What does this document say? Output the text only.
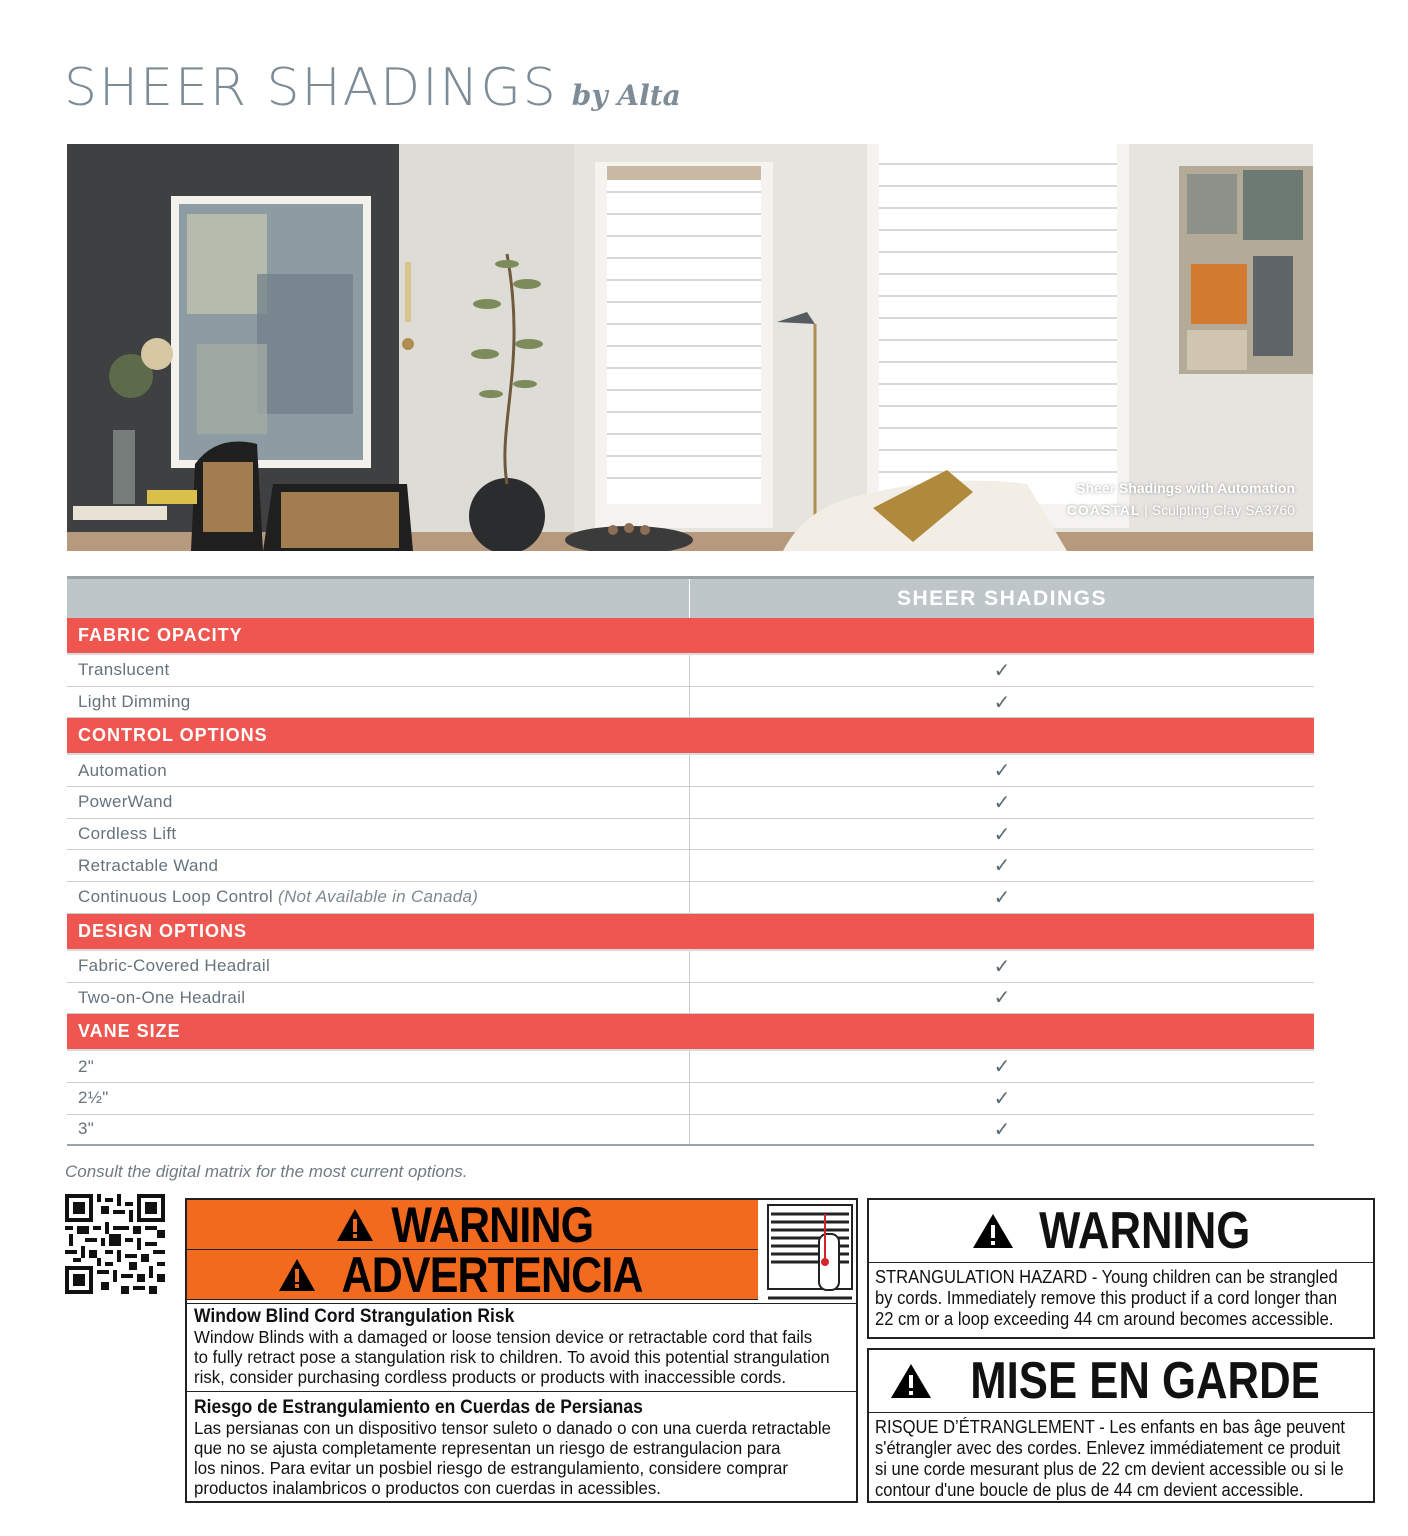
SHEER SHADINGS by Alta
Sheer Shadings with Automation
COASTAL | Sculpting Clay SA3760
SHEER SHADINGS
FABRIC OPACITY
Translucent	✓
Light Dimming	✓
CONTROL OPTIONS
Automation	✓
PowerWand	✓
Cordless Lift	✓
Retractable Wand	✓
Continuous Loop Control (Not Available in Canada)	✓
DESIGN OPTIONS
Fabric-Covered Headrail	✓
Two-on-One Headrail	✓
VANE SIZE
2"	✓
2½"	✓
3"	✓
Consult the digital matrix for the most current options.
WARNING
ADVERTENCIA
Window Blind Cord Strangulation Risk
Window Blinds with a damaged or loose tension device or retractable cord that fails
to fully retract pose a stangulation risk to children. To avoid this potential strangulation
risk, consider purchasing cordless products or products with inaccessible cords.
Riesgo de Estrangulamiento en Cuerdas de Persianas
Las persianas con un dispositivo tensor suleto o danado o con una cuerda retractable
que no se ajusta completamente representan un riesgo de estrangulacion para
los ninos. Para evitar un posbiel riesgo de estrangulamiento, considere comprar
productos inalambricos o productos con cuerdas in acessibles.
WARNING
STRANGULATION HAZARD - Young children can be strangled
by cords. Immediately remove this product if a cord longer than
22 cm or a loop exceeding 44 cm around becomes accessible.
MISE EN GARDE
RISQUE D’ÉTRANGLEMENT - Les enfants en bas âge peuvent
s'étrangler avec des cordes. Enlevez immédiatement ce produit
si une corde mesurant plus de 22 cm devient accessible ou si le
contour d'une boucle de plus de 44 cm devient accessible.
